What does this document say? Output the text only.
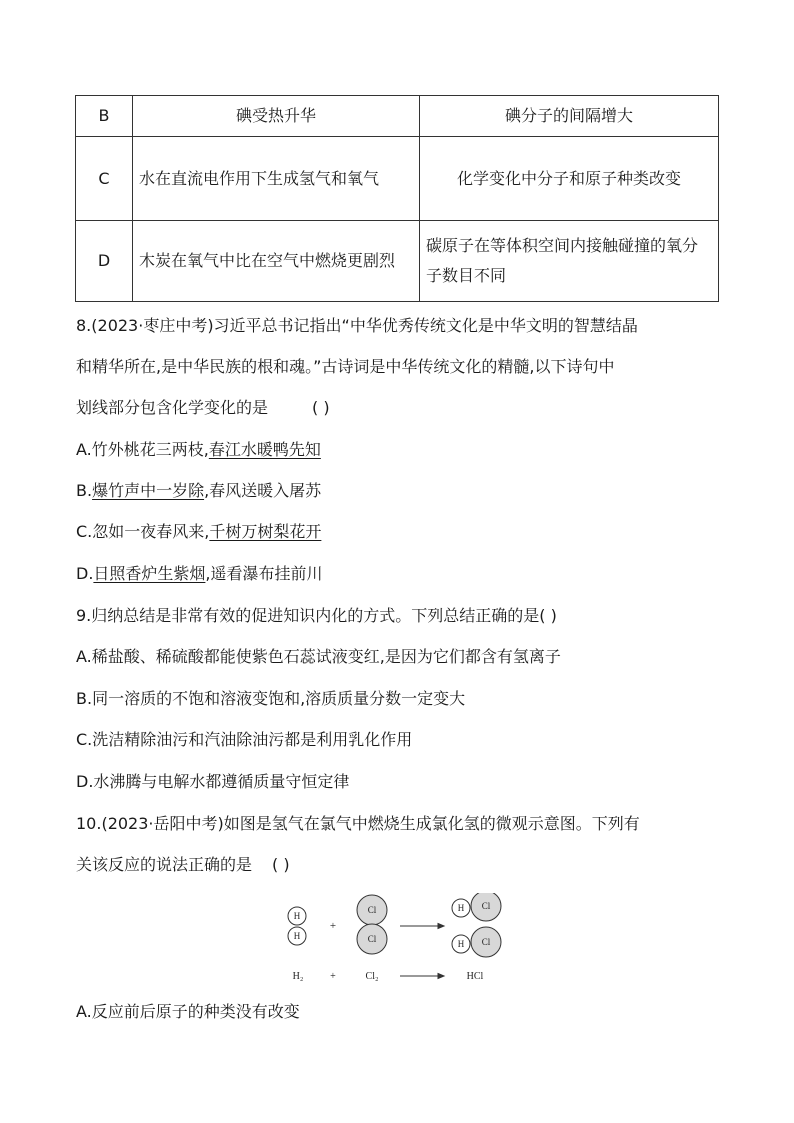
B	碘受热升华	碘分子的间隔增大
C	水在直流电作用下生成氢气和氧气	化学变化中分子和原子种类改变
D	木炭在氧气中比在空气中燃烧更剧烈	碳原子在等体积空间内接触碰撞的氧分子数目不同
8.(2023·枣庄中考)习近平总书记指出“中华优秀传统文化是中华文明的智慧结晶
和精华所在,是中华民族的根和魂。”古诗词是中华传统文化的精髓,以下诗句中
划线部分包含化学变化的是	( )
A.竹外桃花三两枝,春江水暖鸭先知
B.爆竹声中一岁除,春风送暖入屠苏
C.忽如一夜春风来,千树万树梨花开
D.日照香炉生紫烟,遥看瀑布挂前川
9.归纳总结是非常有效的促进知识内化的方式。下列总结正确的是( )
A.稀盐酸、稀硫酸都能使紫色石蕊试液变红,是因为它们都含有氢离子
B.同一溶质的不饱和溶液变饱和,溶质质量分数一定变大
C.洗洁精除油污和汽油除油污都是利用乳化作用
D.水沸腾与电解水都遵循质量守恒定律
10.(2023·岳阳中考)如图是氢气在氯气中燃烧生成氯化氢的微观示意图。下列有
关该反应的说法正确的是 ( )
H
H
Cl
Cl
H
H
Cl
Cl
+
H₂	+	Cl₂	HCl
A.反应前后原子的种类没有改变
